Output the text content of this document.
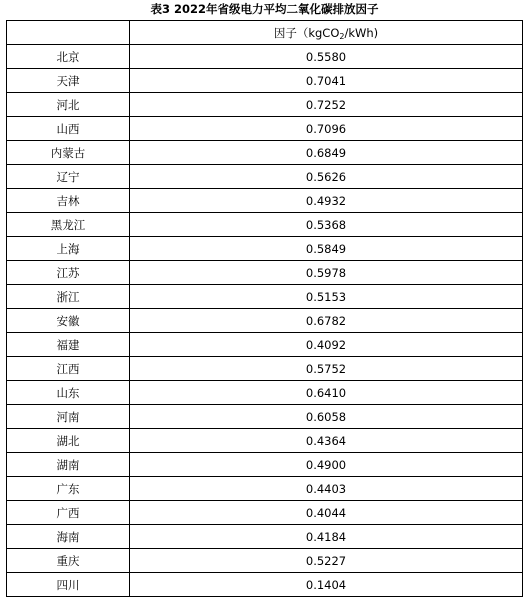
表3 2022年省级电力平均二氧化碳排放因子
	因子（kgCO2/kWh)
北京	0.5580
天津	0.7041
河北	0.7252
山西	0.7096
内蒙古	0.6849
辽宁	0.5626
吉林	0.4932
黑龙江	0.5368
上海	0.5849
江苏	0.5978
浙江	0.5153
安徽	0.6782
福建	0.4092
江西	0.5752
山东	0.6410
河南	0.6058
湖北	0.4364
湖南	0.4900
广东	0.4403
广西	0.4044
海南	0.4184
重庆	0.5227
四川	0.1404
